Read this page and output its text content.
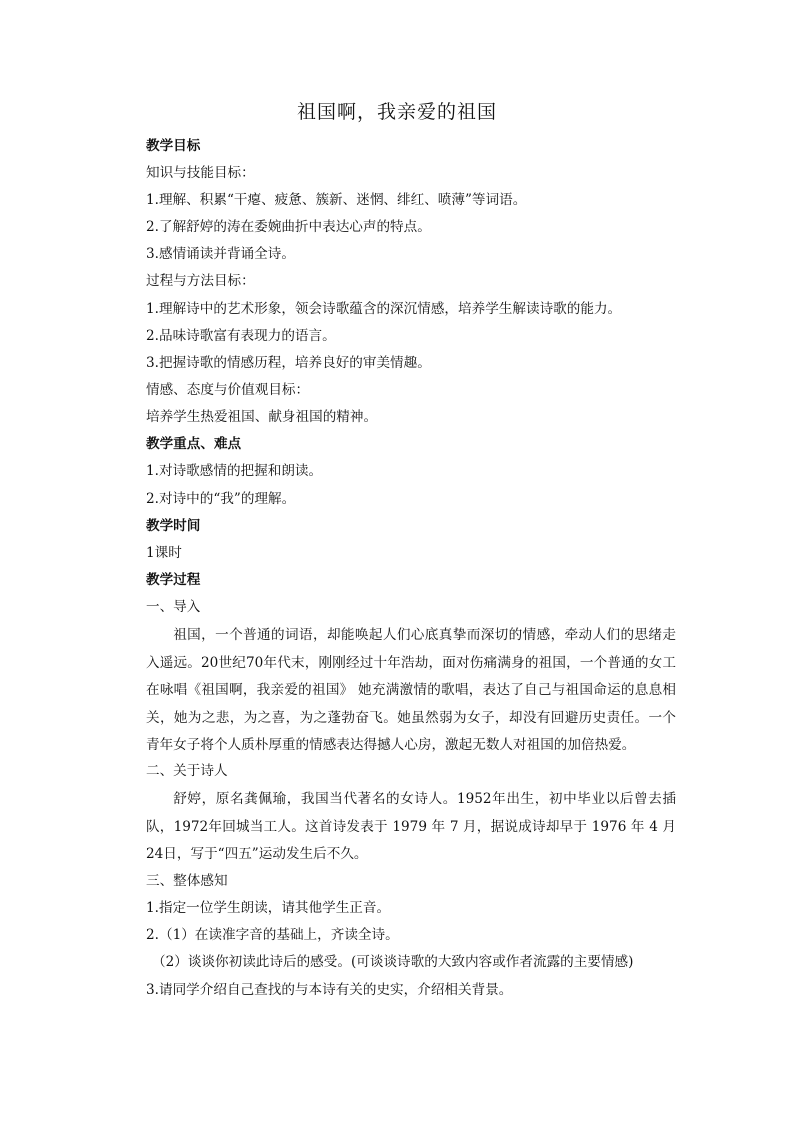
祖国啊，我亲爱的祖国
教学目标
知识与技能目标：
1.理解、积累“干瘪、疲惫、簇新、迷惘、绯红、喷薄”等词语。
2.了解舒婷的涛在委婉曲折中表达心声的特点。
3.感情诵读并背诵全诗。
过程与方法目标：
1.理解诗中的艺术形象，领会诗歌蕴含的深沉情感，培养学生解读诗歌的能力。
2.品味诗歌富有表现力的语言。
3.把握诗歌的情感历程，培养良好的审美情趣。
情感、态度与价值观目标：
培养学生热爱祖国、献身祖国的精神。
教学重点、难点
1.对诗歌感情的把握和朗读。
2.对诗中的“我”的理解。
教学时间
1课时
教学过程
一、导入
祖国，一个普通的词语，却能唤起人们心底真挚而深切的情感，牵动人们的思绪走入遥远。20世纪70年代末，刚刚经过十年浩劫，面对伤痛满身的祖国，一个普通的女工在咏唱《祖国啊，我亲爱的祖国》 她充满激情的歌唱，表达了自己与祖国命运的息息相关，她为之悲，为之喜，为之蓬勃奋飞。她虽然弱为女子，却没有回避历史责任。一个青年女子将个人质朴厚重的情感表达得撼人心房，激起无数人对祖国的加倍热爱。
二、关于诗人
舒婷，原名龚佩瑜，我国当代著名的女诗人。1952年出生，初中毕业以后曾去插队，1972年回城当工人。这首诗发表于 1979 年 7 月，据说成诗却早于 1976 年 4 月24日，写于“四五”运动发生后不久。
三、整体感知
1.指定一位学生朗读，请其他学生正音。
2.（1）在读准字音的基础上，齐读全诗。
（2）谈谈你初读此诗后的感受。(可谈谈诗歌的大致内容或作者流露的主要情感)
3.请同学介绍自己查找的与本诗有关的史实，介绍相关背景。
